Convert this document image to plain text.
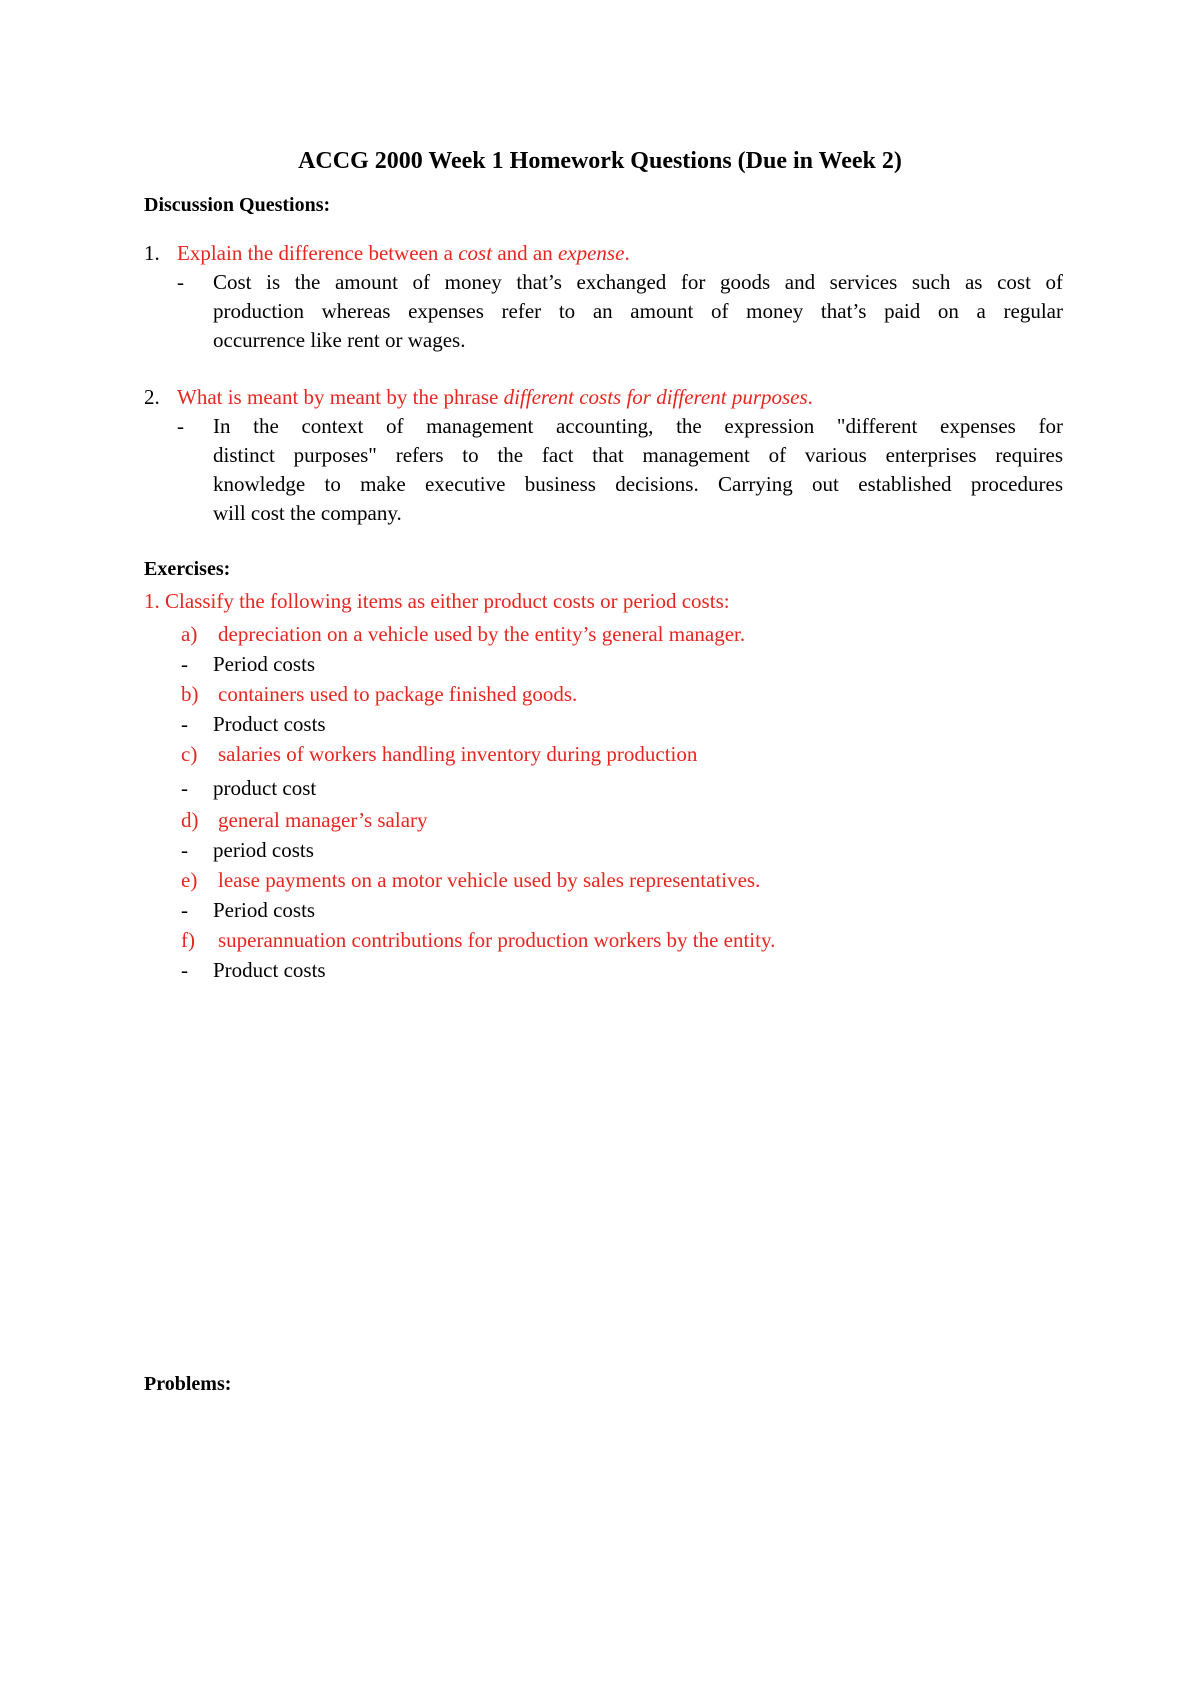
ACCG 2000 Week 1 Homework Questions (Due in Week 2)
Discussion Questions:
1. Explain the difference between a cost and an expense.
- Cost is the amount of money that’s exchanged for goods and services such as cost of
production whereas expenses refer to an amount of money that’s paid on a regular
occurrence like rent or wages.
2. What is meant by meant by the phrase different costs for different purposes.
- In the context of management accounting, the expression "different expenses for
distinct purposes" refers to the fact that management of various enterprises requires
knowledge to make executive business decisions. Carrying out established procedures
will cost the company.
Exercises:
1. Classify the following items as either product costs or period costs:
a) depreciation on a vehicle used by the entity’s general manager.
- Period costs
b) containers used to package finished goods.
- Product costs
c) salaries of workers handling inventory during production
- product cost
d) general manager’s salary
- period costs
e) lease payments on a motor vehicle used by sales representatives.
- Period costs
f) superannuation contributions for production workers by the entity.
- Product costs
Problems:
